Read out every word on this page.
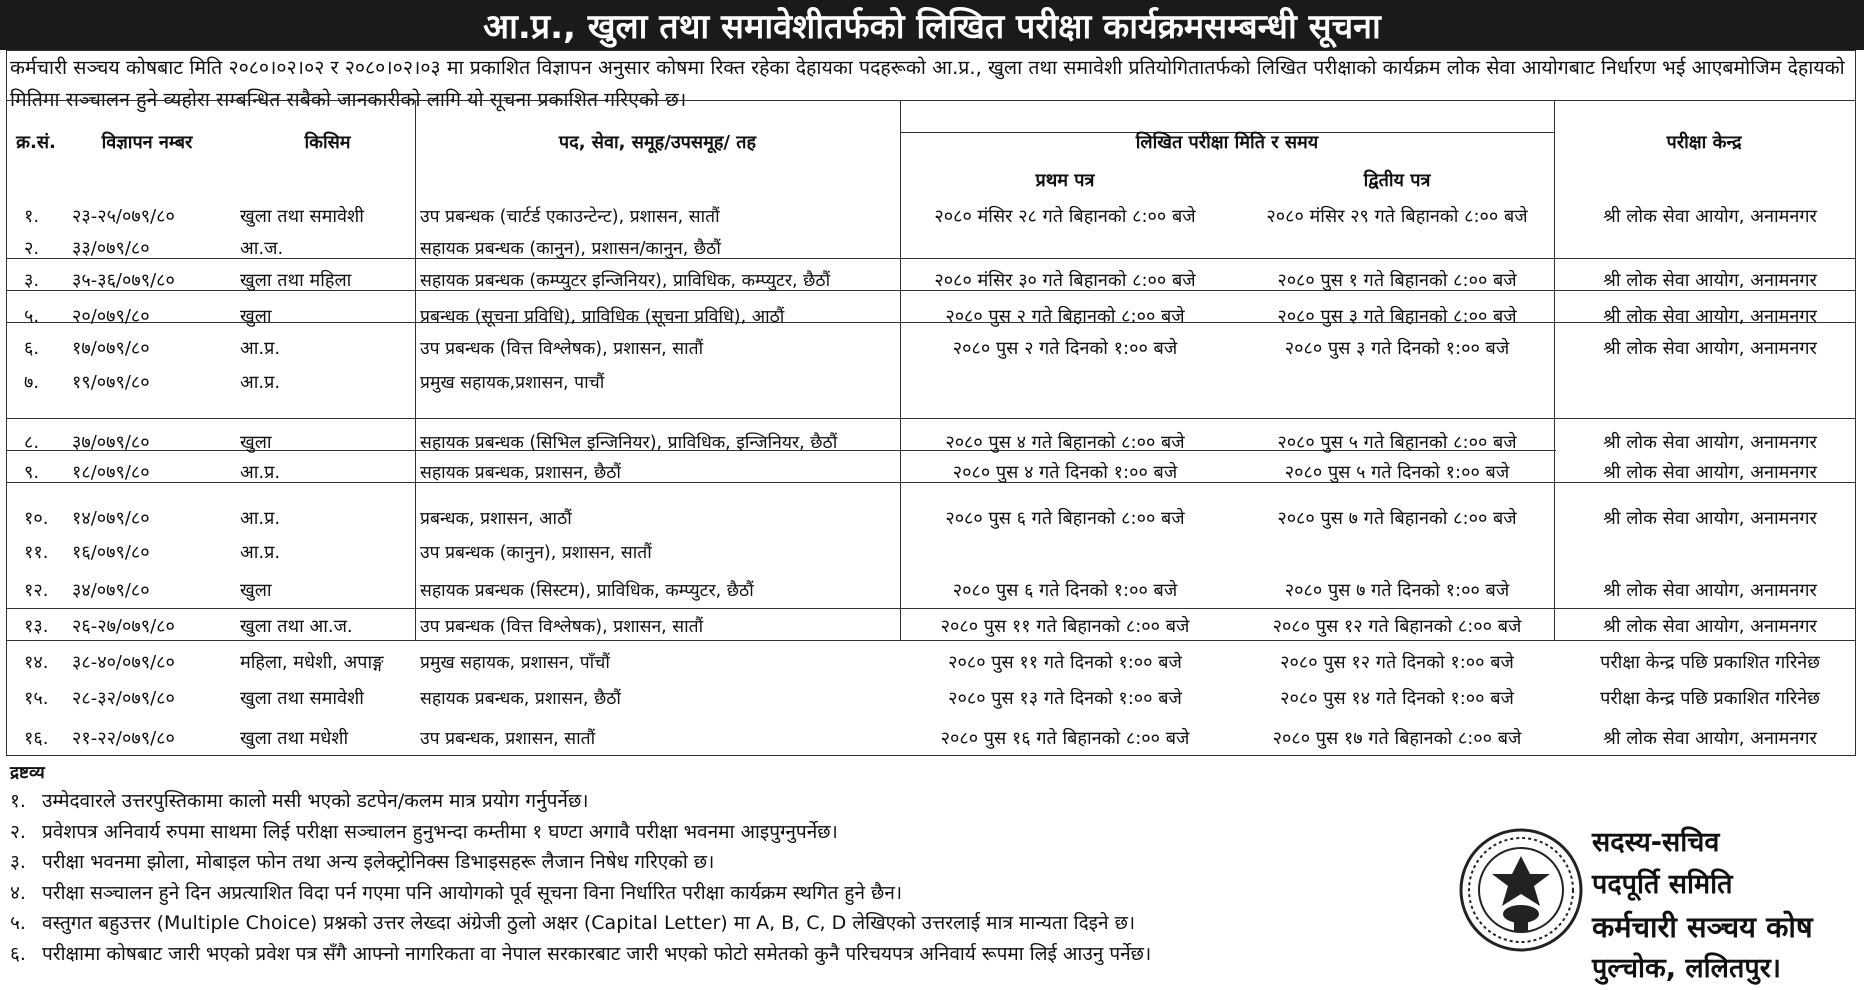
आ.प्र., खुला तथा समावेशीतर्फको लिखित परीक्षा कार्यक्रमसम्बन्धी सूचना
कर्मचारी सञ्चय कोषबाट मिति २०८०।०२।०२ र २०८०।०२।०३ मा प्रकाशित विज्ञापन अनुसार कोषमा रिक्त रहेका देहायका पदहरूको आ.प्र., खुला तथा समावेशी प्रतियोगितातर्फको लिखित परीक्षाको कार्यक्रम लोक सेवा आयोगबाट निर्धारण भई आएबमोजिम देहायको मितिमा सञ्चालन हुने व्यहोरा सम्बन्धित सबैको जानकारीको लागि यो सूचना प्रकाशित गरिएको छ।
क्र.सं.	विज्ञापन नम्बर	किसिम	पद, सेवा, समूह/उपसमूह/ तह	लिखित परीक्षा मिति र समय
प्रथम पत्र	द्वितीय पत्र
परीक्षा केन्द्र
१.	२३-२५/०७९/८०	खुला तथा समावेशी	उप प्रबन्धक (चार्टर्ड एकाउन्टेन्ट), प्रशासन, सातौं	२०८० मंसिर २८ गते बिहानको ८:०० बजे	२०८० मंसिर २९ गते बिहानको ८:०० बजे	श्री लोक सेवा आयोग, अनामनगर
२.	३३/०७९/८०	आ.ज.	सहायक प्रबन्धक (कानुन), प्रशासन/कानुन, छैठौं
३.	३५-३६/०७९/८०	खुला तथा महिला	सहायक प्रबन्धक (कम्प्युटर इन्जिनियर), प्राविधिक, कम्प्युटर, छैठौं	२०८० मंसिर ३० गते बिहानको ८:०० बजे	२०८० पुस १ गते बिहानको ८:०० बजे	श्री लोक सेवा आयोग, अनामनगर
५.	२०/०७९/८०	खुला	प्रबन्धक (सूचना प्रविधि), प्राविधिक (सूचना प्रविधि), आठौं	२०८० पुस २ गते बिहानको ८:०० बजे	२०८० पुस ३ गते बिहानको ८:०० बजे	श्री लोक सेवा आयोग, अनामनगर
६.	१७/०७९/८०	आ.प्र.	उप प्रबन्धक (वित्त विश्लेषक), प्रशासन, सातौं	२०८० पुस २ गते दिनको १:०० बजे	२०८० पुस ३ गते दिनको १:०० बजे	श्री लोक सेवा आयोग, अनामनगर
७.	१९/०७९/८०	आ.प्र.	प्रमुख सहायक,प्रशासन, पाचौं
८.	३७/०७९/८०	खुला	सहायक प्रबन्धक (सिभिल इन्जिनियर), प्राविधिक, इन्जिनियर, छैठौं	२०८० पुस ४ गते बिहानको ८:०० बजे	२०८० पुस ५ गते बिहानको ८:०० बजे	श्री लोक सेवा आयोग, अनामनगर
९.	१८/०७९/८०	आ.प्र.	सहायक प्रबन्धक, प्रशासन, छैठौं	२०८० पुस ४ गते दिनको १:०० बजे	२०८० पुस ५ गते दिनको १:०० बजे	श्री लोक सेवा आयोग, अनामनगर
१०.	१४/०७९/८०	आ.प्र.	प्रबन्धक, प्रशासन, आठौं	२०८० पुस ६ गते बिहानको ८:०० बजे	२०८० पुस ७ गते बिहानको ८:०० बजे	श्री लोक सेवा आयोग, अनामनगर
११.	१६/०७९/८०	आ.प्र.	उप प्रबन्धक (कानुन), प्रशासन, सातौं
१२.	३४/०७९/८०	खुला	सहायक प्रबन्धक (सिस्टम), प्राविधिक, कम्प्युटर, छैठौं	२०८० पुस ६ गते दिनको १:०० बजे	२०८० पुस ७ गते दिनको १:०० बजे	श्री लोक सेवा आयोग, अनामनगर
१३.	२६-२७/०७९/८०	खुला तथा आ.ज.	उप प्रबन्धक (वित्त विश्लेषक), प्रशासन, सातौं	२०८० पुस ११ गते बिहानको ८:०० बजे	२०८० पुस १२ गते बिहानको ८:०० बजे	श्री लोक सेवा आयोग, अनामनगर
१४.	३८-४०/०७९/८०	महिला, मधेशी, अपाङ्ग	प्रमुख सहायक, प्रशासन, पाँचौं	२०८० पुस ११ गते दिनको १:०० बजे	२०८० पुस १२ गते दिनको १:०० बजे	परीक्षा केन्द्र पछि प्रकाशित गरिनेछ
१५.	२८-३२/०७९/८०	खुला तथा समावेशी	सहायक प्रबन्धक, प्रशासन, छैठौं	२०८० पुस १३ गते दिनको १:०० बजे	२०८० पुस १४ गते दिनको १:०० बजे	परीक्षा केन्द्र पछि प्रकाशित गरिनेछ
१६.	२१-२२/०७९/८०	खुला तथा मधेशी	उप प्रबन्धक, प्रशासन, सातौं	२०८० पुस १६ गते बिहानको ८:०० बजे	२०८० पुस १७ गते बिहानको ८:०० बजे	श्री लोक सेवा आयोग, अनामनगर
द्रष्टव्य
१. उम्मेदवारले उत्तरपुस्तिकामा कालो मसी भएको डटपेन/कलम मात्र प्रयोग गर्नुपर्नेछ।
२. प्रवेशपत्र अनिवार्य रुपमा साथमा लिई परीक्षा सञ्चालन हुनुभन्दा कम्तीमा १ घण्टा अगावै परीक्षा भवनमा आइपुग्नुपर्नेछ।
३. परीक्षा भवनमा झोला, मोबाइल फोन तथा अन्य इलेक्ट्रोनिक्स डिभाइसहरू लैजान निषेध गरिएको छ।
४. परीक्षा सञ्चालन हुने दिन अप्रत्याशित विदा पर्न गएमा पनि आयोगको पूर्व सूचना विना निर्धारित परीक्षा कार्यक्रम स्थगित हुने छैन।
५. वस्तुगत बहुउत्तर (Multiple Choice) प्रश्नको उत्तर लेख्दा अंग्रेजी ठुलो अक्षर (Capital Letter) मा A, B, C, D लेखिएको उत्तरलाई मात्र मान्यता दिइने छ।
६. परीक्षामा कोषबाट जारी भएको प्रवेश पत्र सँगै आफ्नो नागरिकता वा नेपाल सरकारबाट जारी भएको फोटो समेतको कुनै परिचयपत्र अनिवार्य रूपमा लिई आउनु पर्नेछ।
सदस्य-सचिव
पदपूर्ति समिति
कर्मचारी सञ्चय कोष
पुल्चोक, ललितपुर।
